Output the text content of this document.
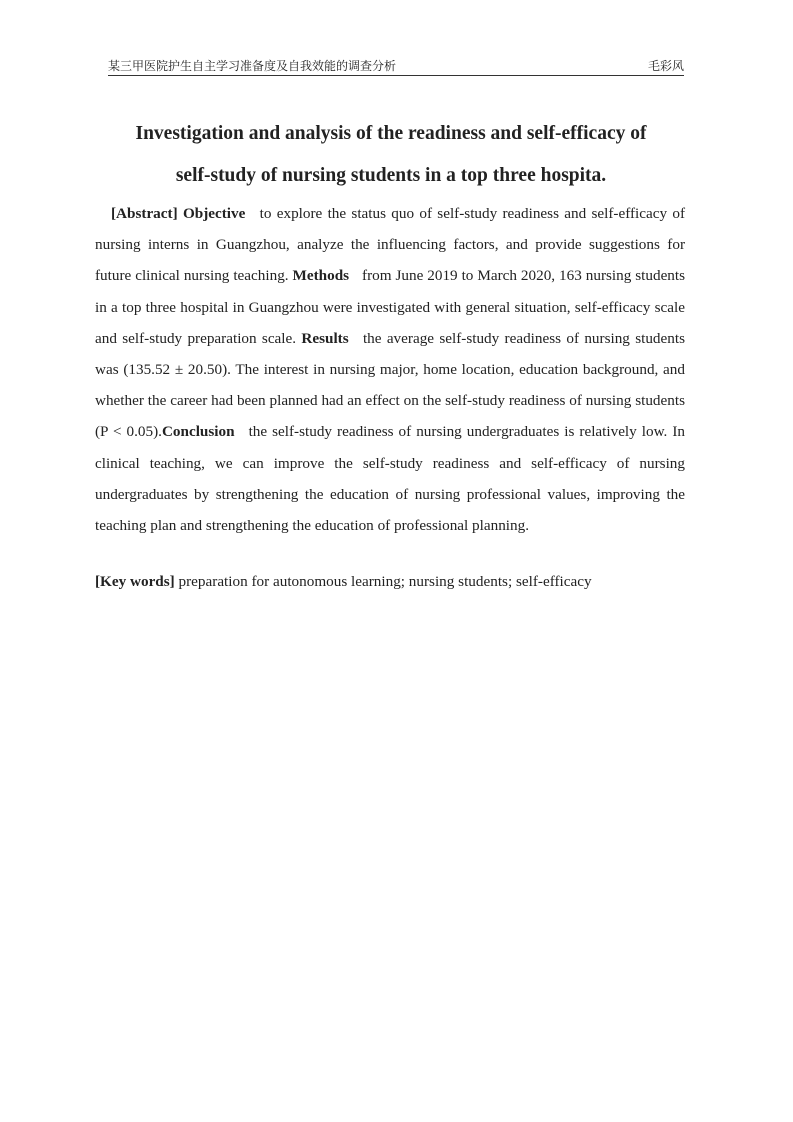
某三甲医院护生自主学习准备度及自我效能的调查分析	毛彩风
Investigation and analysis of the readiness and self-efficacy of
self-study of nursing students in a top three hospita.

[Abstract] Objective to explore the status quo of self-study readiness and self-efficacy of nursing interns in Guangzhou, analyze the influencing factors, and provide suggestions for future clinical nursing teaching. Methods from June 2019 to March 2020, 163 nursing students in a top three hospital in Guangzhou were investigated with general situation, self-efficacy scale and self-study preparation scale. Results the average self-study readiness of nursing students was (135.52 ± 20.50). The interest in nursing major, home location, education background, and whether the career had been planned had an effect on the self-study readiness of nursing students (P < 0.05).Conclusion the self-study readiness of nursing undergraduates is relatively low. In clinical teaching, we can improve the self-study readiness and self-efficacy of nursing undergraduates by strengthening the education of nursing professional values, improving the teaching plan and strengthening the education of professional planning.

[Key words] preparation for autonomous learning; nursing students; self-efficacy
